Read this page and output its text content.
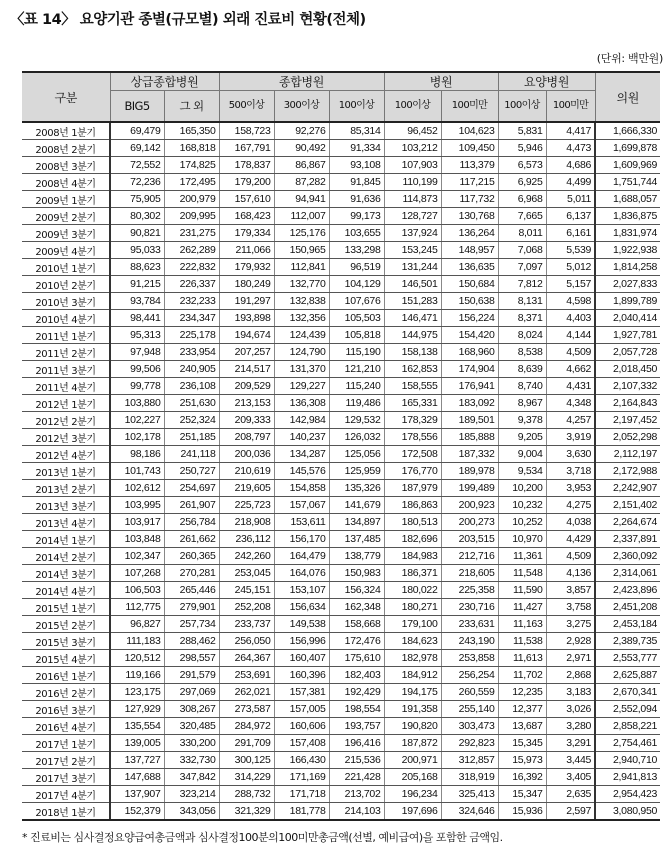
〈표 14〉 요양기관 종별(규모별) 외래 진료비 현황(전체)
(단위: 백만원)
구분	상급종합병원		종합병원			병원		요양병원		의원
	BIG5	그 외	500이상	300이상	100이상	100이상	100미만	100이상	100미만	
2008년 1분기	69,479	165,350	158,723	92,276	85,314	96,452	104,623	5,831	4,417	1,666,330
2008년 2분기	69,142	168,818	167,791	90,492	91,334	103,212	109,450	5,946	4,473	1,699,878
2008년 3분기	72,552	174,825	178,837	86,867	93,108	107,903	113,379	6,573	4,686	1,609,969
2008년 4분기	72,236	172,495	179,200	87,282	91,845	110,199	117,215	6,925	4,499	1,751,744
2009년 1분기	75,905	200,979	157,610	94,941	91,636	114,873	117,732	6,968	5,011	1,688,057
2009년 2분기	80,302	209,995	168,423	112,007	99,173	128,727	130,768	7,665	6,137	1,836,875
2009년 3분기	90,821	231,275	179,334	125,176	103,655	137,924	136,264	8,011	6,161	1,831,974
2009년 4분기	95,033	262,289	211,066	150,965	133,298	153,245	148,957	7,068	5,539	1,922,938
2010년 1분기	88,623	222,832	179,932	112,841	96,519	131,244	136,635	7,097	5,012	1,814,258
2010년 2분기	91,215	226,337	180,249	132,770	104,129	146,501	150,684	7,812	5,157	2,027,833
2010년 3분기	93,784	232,233	191,297	132,838	107,676	151,283	150,638	8,131	4,598	1,899,789
2010년 4분기	98,441	234,347	193,898	132,356	105,503	146,471	156,224	8,371	4,403	2,040,414
2011년 1분기	95,313	225,178	194,674	124,439	105,818	144,975	154,420	8,024	4,144	1,927,781
2011년 2분기	97,948	233,954	207,257	124,790	115,190	158,138	168,960	8,538	4,509	2,057,728
2011년 3분기	99,506	240,905	214,517	131,370	121,210	162,853	174,904	8,639	4,662	2,018,450
2011년 4분기	99,778	236,108	209,529	129,227	115,240	158,555	176,941	8,740	4,431	2,107,332
2012년 1분기	103,880	251,630	213,153	136,308	119,486	165,331	183,092	8,967	4,348	2,164,843
2012년 2분기	102,227	252,324	209,333	142,984	129,532	178,329	189,501	9,378	4,257	2,197,452
2012년 3분기	102,178	251,185	208,797	140,237	126,032	178,556	185,888	9,205	3,919	2,052,298
2012년 4분기	98,186	241,118	200,036	134,287	125,056	172,508	187,332	9,004	3,630	2,112,197
2013년 1분기	101,743	250,727	210,619	145,576	125,959	176,770	189,978	9,534	3,718	2,172,988
2013년 2분기	102,612	254,697	219,605	154,858	135,326	187,979	199,489	10,200	3,953	2,242,907
2013년 3분기	103,995	261,907	225,723	157,067	141,679	186,863	200,923	10,232	4,275	2,151,402
2013년 4분기	103,917	256,784	218,908	153,611	134,897	180,513	200,273	10,252	4,038	2,264,674
2014년 1분기	103,848	261,662	236,112	156,170	137,485	182,696	203,515	10,970	4,429	2,337,891
2014년 2분기	102,347	260,365	242,260	164,479	138,779	184,983	212,716	11,361	4,509	2,360,092
2014년 3분기	107,268	270,281	253,045	164,076	150,983	186,371	218,605	11,548	4,136	2,314,061
2014년 4분기	106,503	265,446	245,151	153,107	156,324	180,022	225,358	11,590	3,857	2,423,896
2015년 1분기	112,775	279,901	252,208	156,634	162,348	180,271	230,716	11,427	3,758	2,451,208
2015년 2분기	96,827	257,734	233,737	149,538	158,668	179,100	233,631	11,163	3,275	2,453,184
2015년 3분기	111,183	288,462	256,050	156,996	172,476	184,623	243,190	11,538	2,928	2,389,735
2015년 4분기	120,512	298,557	264,367	160,407	175,610	182,978	253,858	11,613	2,971	2,553,777
2016년 1분기	119,166	291,579	253,691	160,396	182,403	184,912	256,254	11,702	2,868	2,625,887
2016년 2분기	123,175	297,069	262,021	157,381	192,429	194,175	260,559	12,235	3,183	2,670,341
2016년 3분기	127,929	308,267	273,587	157,005	198,554	191,358	255,140	12,377	3,026	2,552,094
2016년 4분기	135,554	320,485	284,972	160,606	193,757	190,820	303,473	13,687	3,280	2,858,221
2017년 1분기	139,005	330,200	291,709	157,408	196,416	187,872	292,823	15,345	3,291	2,754,461
2017년 2분기	137,727	332,730	300,125	166,430	215,536	200,971	312,857	15,973	3,445	2,940,710
2017년 3분기	147,688	347,842	314,229	171,169	221,428	205,168	318,919	16,392	3,405	2,941,813
2017년 4분기	137,907	323,214	288,732	171,718	213,702	196,234	325,413	15,347	2,635	2,954,423
2018년 1분기	152,379	343,056	321,329	181,778	214,103	197,696	324,646	15,936	2,597	3,080,950
* 진료비는 심사결정요양급여총금액과 심사결정100분의100미만총금액(선별, 예비급여)을 포함한 금액임.
